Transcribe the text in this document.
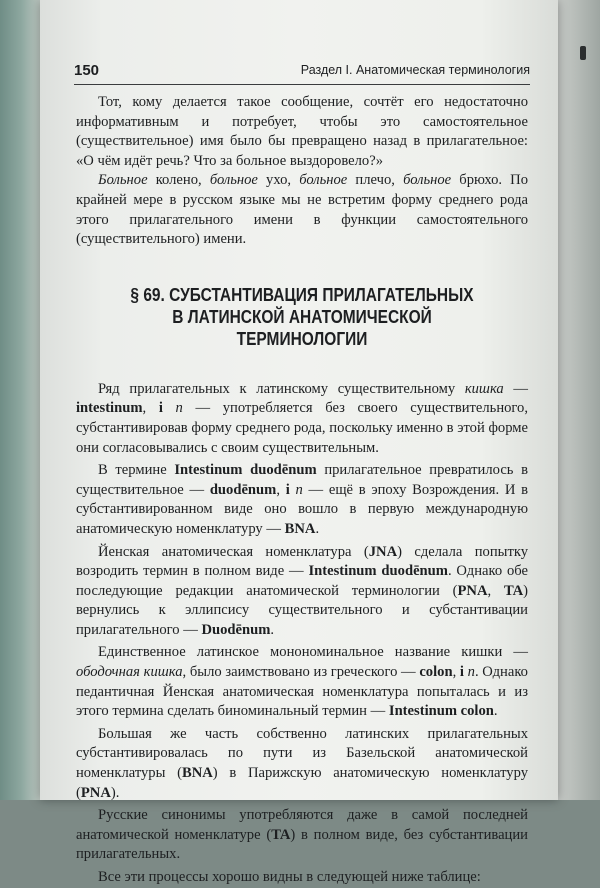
150	Раздел I. Анатомическая терминология

Тот, кому делается такое сообщение, сочтёт его недостаточно информативным и потребует, чтобы это самостоятельное (существительное) имя было бы превращено назад в прилагательное: «О чём идёт речь? Что за больное выздоровело?»

Больное колено, больное ухо, больное плечо, больное брюхо. По крайней мере в русском языке мы не встретим форму среднего рода этого прилагательного имени в функции самостоятельного (существительного) имени.

§ 69. СУБСТАНТИВАЦИЯ ПРИЛАГАТЕЛЬНЫХ
В ЛАТИНСКОЙ АНАТОМИЧЕСКОЙ
ТЕРМИНОЛОГИИ

Ряд прилагательных к латинскому существительному кишка — intestinum, i n — употребляется без своего существительного, субстантивировав форму среднего рода, поскольку именно в этой форме они согласовывались с своим существительным.

В термине Intestinum duodēnum прилагательное превратилось в существительное — duodēnum, i n — ещё в эпоху Возрождения. И в субстантивированном виде оно вошло в первую международную анатомическую номенклатуру — BNA.

Йенская анатомическая номенклатура (JNA) сделала попытку возродить термин в полном виде — Intestinum duodēnum. Однако обе последующие редакции анатомической терминологии (PNA, TA) вернулись к эллипсису существительного и субстантивации прилагательного — Duodēnum.

Единственное латинское монономинальное название кишки — ободочная кишка, было заимствовано из греческого — colon, i n. Однако педантичная Йенская анатомическая номенклатура попыталась и из этого термина сделать биноминальный термин — Intestinum colon.

Большая же часть собственно латинских прилагательных субстантивировалась по пути из Базельской анатомической номенклатуры (BNA) в Парижскую анатомическую номенклатуру (PNA).

Русские синонимы употребляются даже в самой последней анатомической номенклатуре (TA) в полном виде, без субстантивации прилагательных.

Все эти процессы хорошо видны в следующей ниже таблице:
